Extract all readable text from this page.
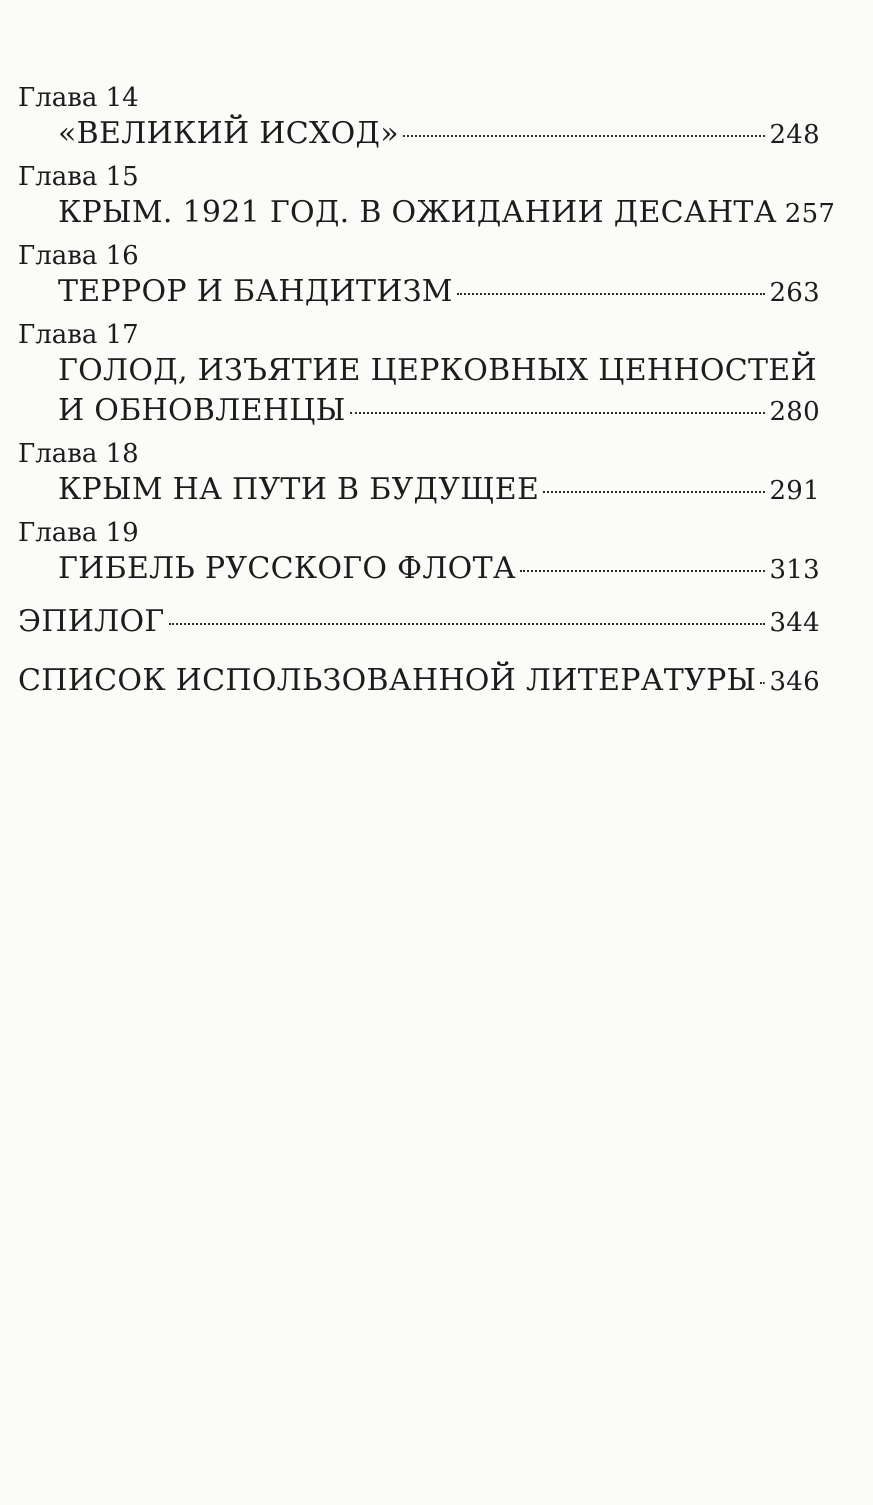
Глава 14
«ВЕЛИКИЙ ИСХОД»	248
Глава 15
КРЫМ. 1921 ГОД. В ОЖИДАНИИ ДЕСАНТА 257
Глава 16
ТЕРРОР И БАНДИТИЗМ	263
Глава 17
ГОЛОД, ИЗЪЯТИЕ ЦЕРКОВНЫХ ЦЕННОСТЕЙ
И ОБНОВЛЕНЦЫ	280
Глава 18
КРЫМ НА ПУТИ В БУДУЩЕЕ	291
Глава 19
ГИБЕЛЬ РУССКОГО ФЛОТА	313
ЭПИЛОГ	344
СПИСОК ИСПОЛЬЗОВАННОЙ ЛИТЕРАТУРЫ 346
